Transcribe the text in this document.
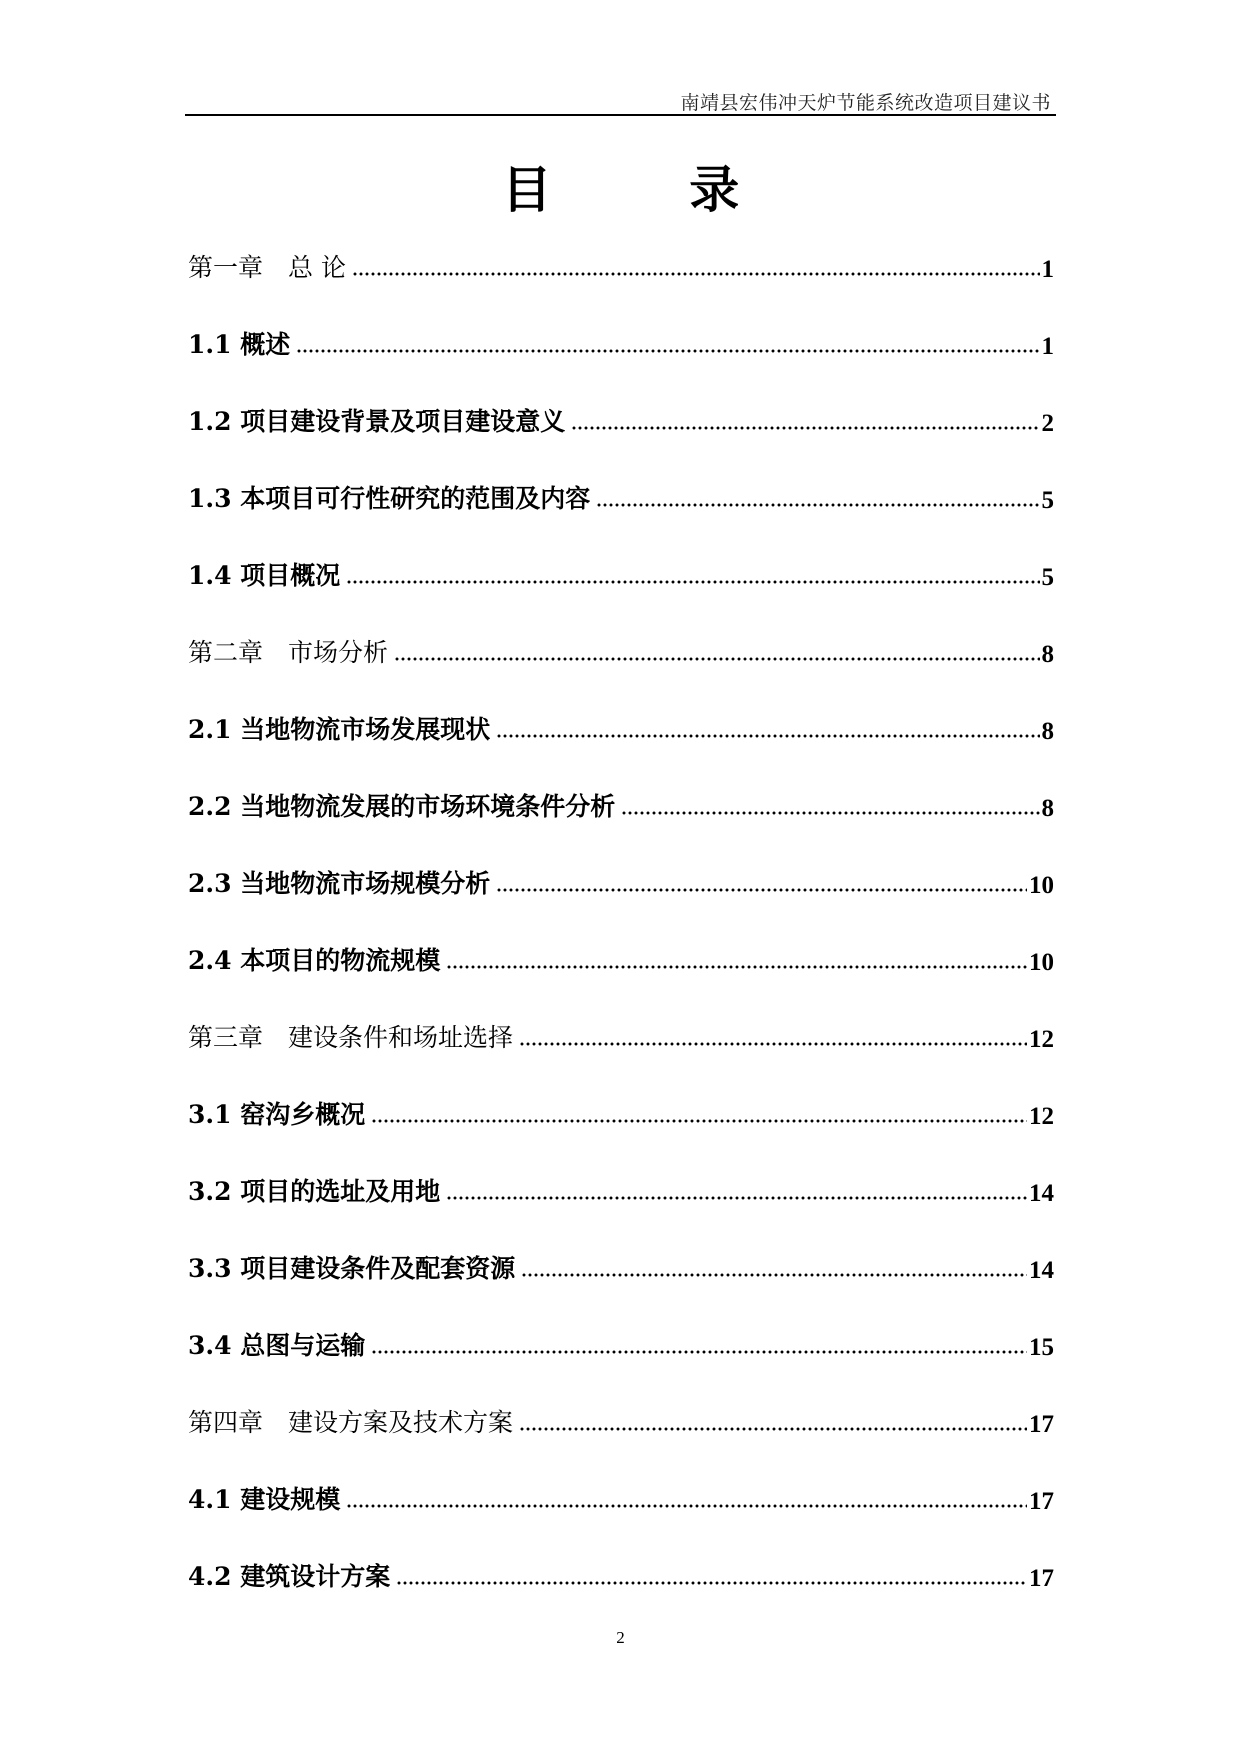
南靖县宏伟冲天炉节能系统改造项目建议书
目 录
第一章　总 论	1
1.1 概述	1
1.2 项目建设背景及项目建设意义	2
1.3 本项目可行性研究的范围及内容	5
1.4 项目概况	5
第二章　市场分析	8
2.1 当地物流市场发展现状	8
2.2 当地物流发展的市场环境条件分析	8
2.3 当地物流市场规模分析	10
2.4 本项目的物流规模	10
第三章　建设条件和场址选择	12
3.1 窑沟乡概况	12
3.2 项目的选址及用地	14
3.3 项目建设条件及配套资源	14
3.4 总图与运输	15
第四章　建设方案及技术方案	17
4.1 建设规模	17
4.2 建筑设计方案	17
2
